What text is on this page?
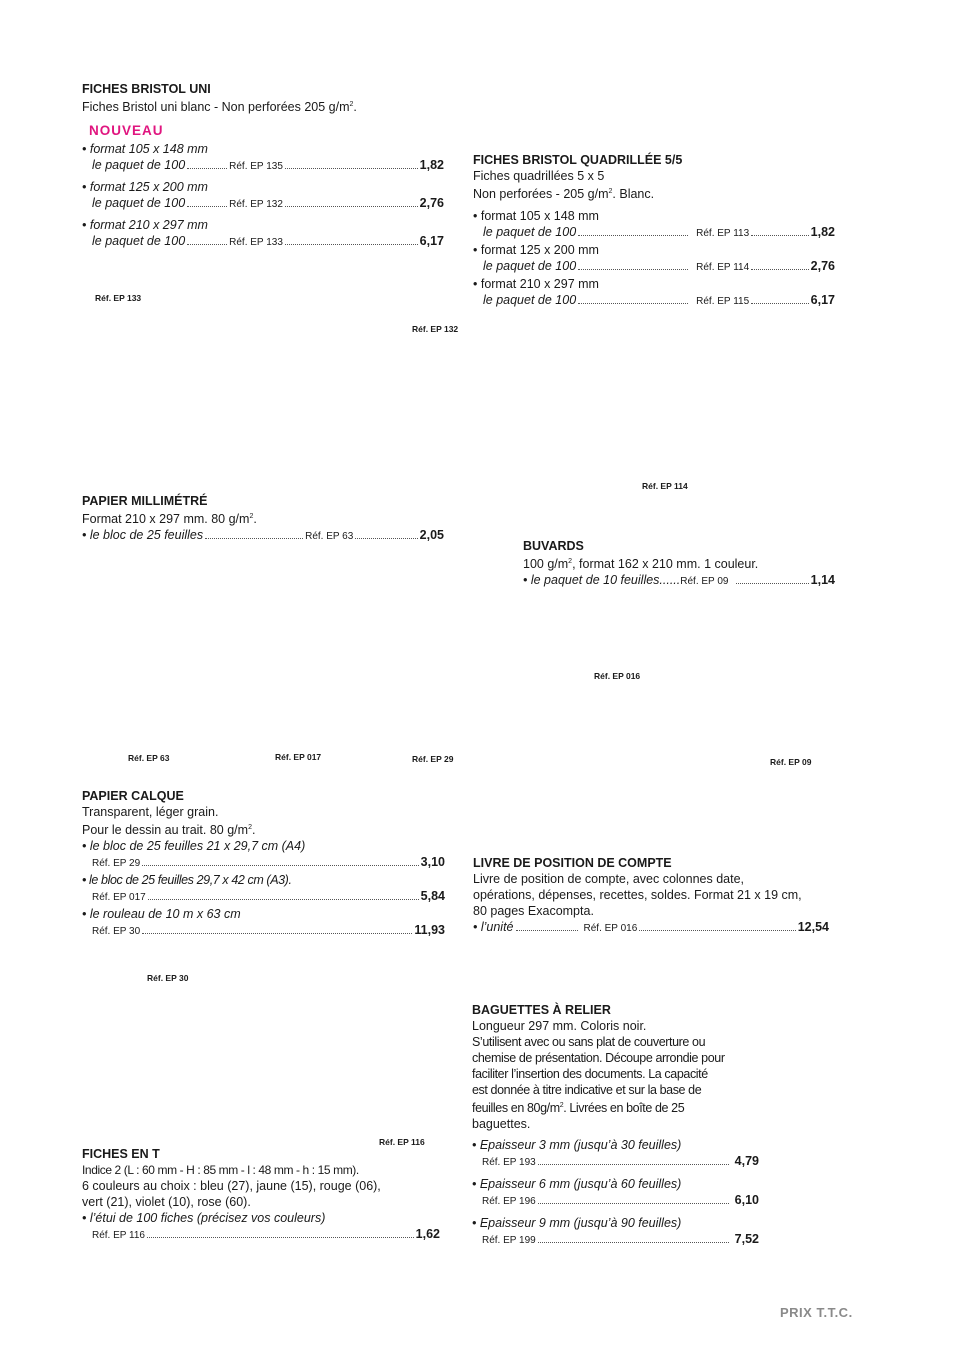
FICHES BRISTOL UNI
Fiches Bristol uni blanc - Non perforées 205 $g/m^2$.
• format 105 x 148 mm
le paquet de 100	Réf. EP 135	1,82
• format 125 x 200 mm
le paquet de 100	Réf. EP 132	2,76
• format 210 x 297 mm
le paquet de 100	Réf. EP 133	6,17
NOUVEAU
FICHES BRISTOL QUADRILLÉE 5/5
Fiches quadrillées 5 x 5
Non perforées - 205 $g/m^2$. Blanc.
• format 105 x 148 mm
le paquet de 100	Réf. EP 113	1,82
• format 125 x 200 mm
le paquet de 100	Réf. EP 114	2,76
• format 210 x 297 mm
le paquet de 100	Réf. EP 115	6,17
PAPIER MILLIMÉTRÉ
Format 210 x 297 mm. 80 $g/m^2$.
• le bloc de 25 feuilles	Réf. EP 63	2,05
BUVARDS
100 $g/m^2$, format 162 x 210 mm. 1 couleur.
• le paquet de 10 feuilles...... Réf. EP 09	1,14
PAPIER CALQUE
Transparent, léger grain.
Pour le dessin au trait. 80 $g/m^2$.
• le bloc de 25 feuilles 21 x 29,7 cm (A4)
Réf. EP 29	3,10
• le bloc de 25 feuilles 29,7 x 42 cm (A3).
Réf. EP 017	5,84
• le rouleau de 10 m x 63 cm
Réf. EP 30	11,93
LIVRE DE POSITION DE COMPTE
Livre de position de compte, avec colonnes date,
opérations, dépenses, recettes, soldes. Format 21 x 19 cm,
80 pages Exacompta.
• l’unité	Réf. EP 016	12,54
BAGUETTES À RELIER
Longueur 297 mm. Coloris noir.
S’utilisent avec ou sans plat de couverture ou
chemise de présentation. Découpe arrondie pour
faciliter l’insertion des documents. La capacité
est donnée à titre indicative et sur la base de
feuilles en $80g/m^2$. Livrées en boîte de 25
baguettes.
• Epaisseur 3 mm (jusqu’à 30 feuilles)
Réf. EP 193	4,79
• Epaisseur 6 mm (jusqu’à 60 feuilles)
Réf. EP 196	6,10
• Epaisseur 9 mm (jusqu’à 90 feuilles)
Réf. EP 199	7,52
FICHES EN T
Indice 2 (L : 60 mm - H : 85 mm - l : 48 mm - h : 15 mm).
6 couleurs au choix : bleu (27), jaune (15), rouge (06),
vert (21), violet (10), rose (60).
• l’étui de 100 fiches (précisez vos couleurs)
Réf. EP 116	1,62
Réf. EP 133
Réf. EP 132
Réf. EP 114
Réf. EP 016
Réf. EP 63	Réf. EP 017	Réf. EP 29	Réf. EP 09
Réf. EP 30
Réf. EP 116
PRIX T.T.C.
